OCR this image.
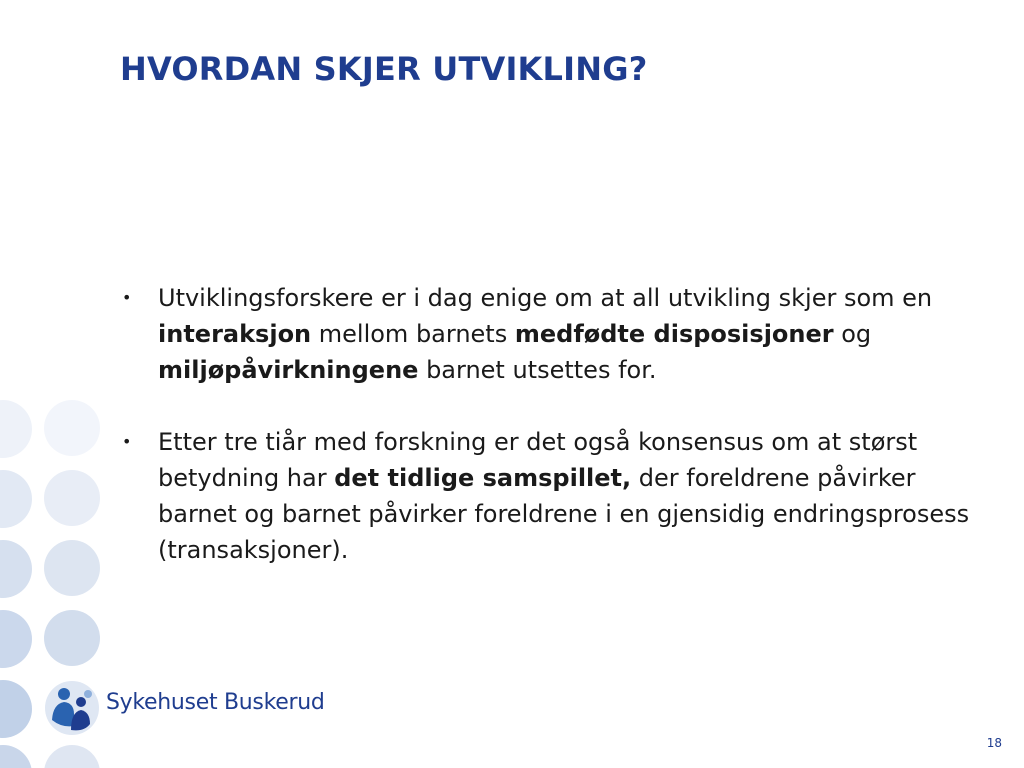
HVORDAN SKJER UTVIKLING?
• Utviklingsforskere er i dag enige om at all utvikling skjer som en interaksjon mellom barnets medfødte disposisjoner og miljøpåvirkningene barnet utsettes for.
• Etter tre tiår med forskning er det også konsensus om at størst betydning har det tidlige samspillet, der foreldrene påvirker barnet og barnet påvirker foreldrene i en gjensidig endringsprosess (transaksjoner).
Sykehuset Buskerud
18
